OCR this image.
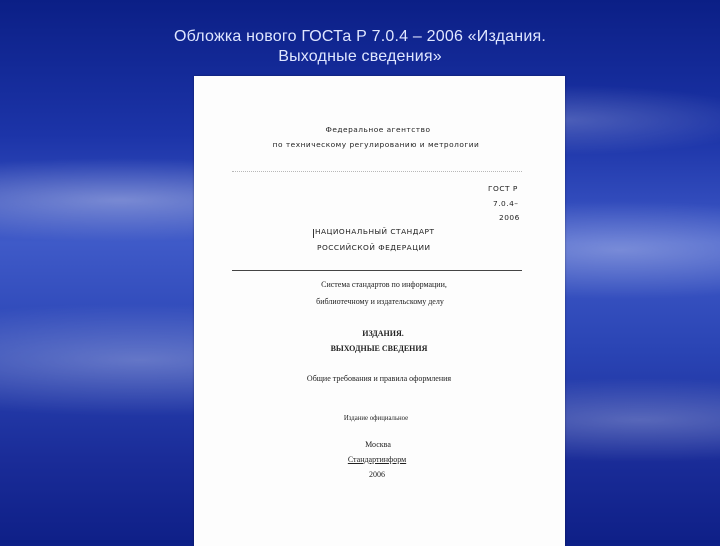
Обложка нового ГОСТа Р 7.0.4 – 2006 «Издания.
Выходные сведения»
Федеральное агентство
по техническому регулированию и метрологии
ГОСТ Р
7.0.4–
2006
НАЦИОНАЛЬНЫЙ СТАНДАРТ
РОССИЙСКОЙ ФЕДЕРАЦИИ
Система стандартов по информации,
библиотечному и издательскому делу
ИЗДАНИЯ.
ВЫХОДНЫЕ СВЕДЕНИЯ
Общие требования и правила оформления
Издание официальное
Москва
Стандартинформ
2006
